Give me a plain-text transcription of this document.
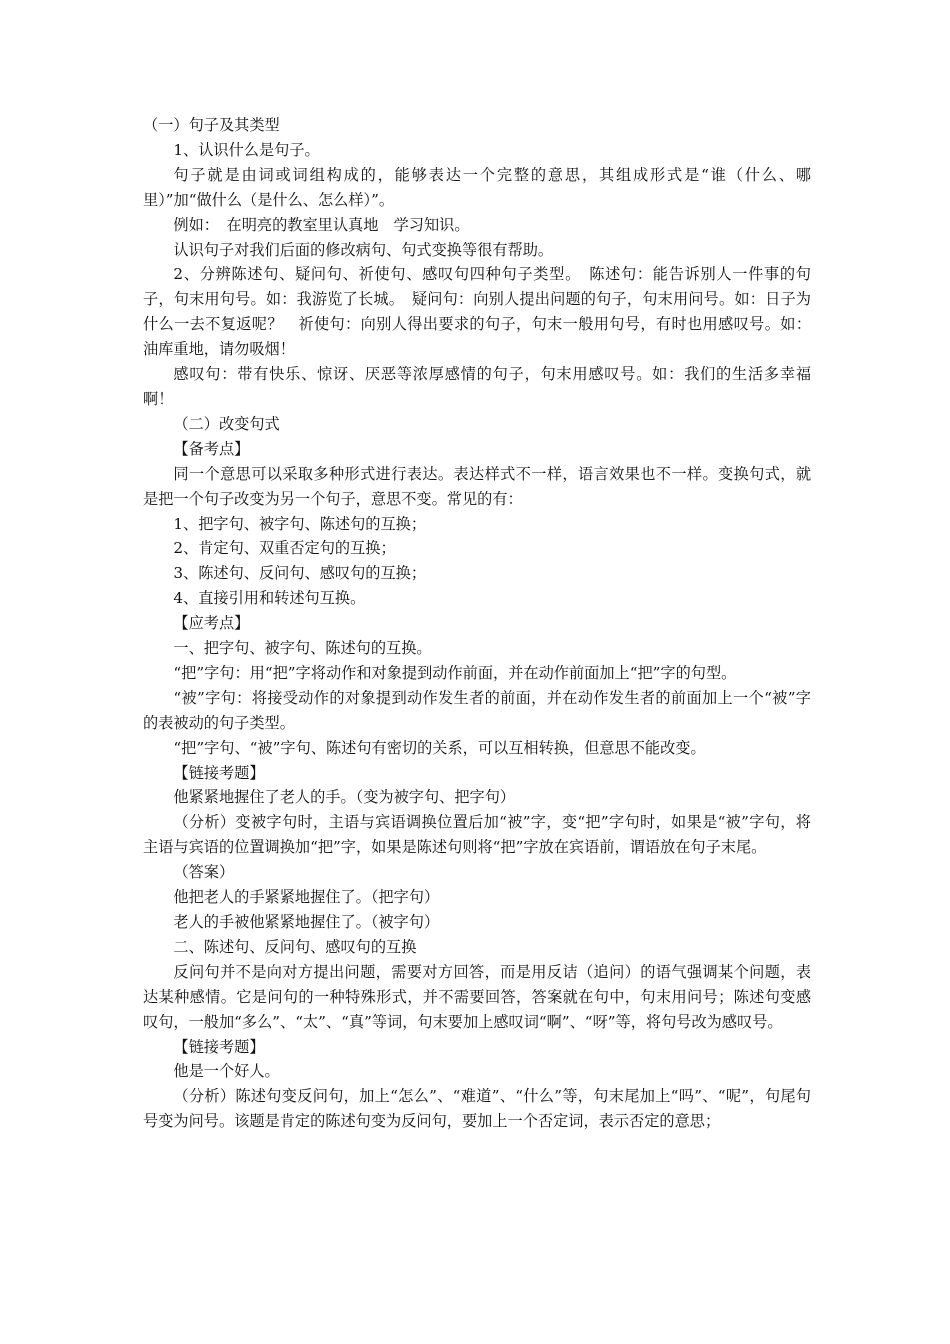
（一）句子及其类型

1、认识什么是句子。

句子就是由词或词组构成的，能够表达一个完整的意思，其组成形式是“谁（什么、哪里）”加“做什么（是什么、怎么样）”。

例如：　在明亮的教室里认真地　学习知识。

认识句子对我们后面的修改病句、句式变换等很有帮助。

2、分辨陈述句、疑问句、祈使句、感叹句四种句子类型。　陈述句：能告诉别人一件事的句子，句末用句号。如：我游览了长城。　疑问句：向别人提出问题的句子，句末用问号。如：日子为什么一去不复返呢？　祈使句：向别人得出要求的句子，句末一般用句号，有时也用感叹号。如：油库重地，请勿吸烟！

感叹句：带有快乐、惊讶、厌恶等浓厚感情的句子，句末用感叹号。如：我们的生活多幸福啊！

（二）改变句式

【备考点】

同一个意思可以采取多种形式进行表达。表达样式不一样，语言效果也不一样。变换句式，就是把一个句子改变为另一个句子，意思不变。常见的有：

1、把字句、被字句、陈述句的互换；

2、肯定句、双重否定句的互换；

3、陈述句、反问句、感叹句的互换；

4、直接引用和转述句互换。

【应考点】

一、把字句、被字句、陈述句的互换。

“把”字句：用“把”字将动作和对象提到动作前面，并在动作前面加上“把”字的句型。

“被”字句：将接受动作的对象提到动作发生者的前面，并在动作发生者的前面加上一个“被”字的表被动的句子类型。

“把”字句、“被”字句、陈述句有密切的关系，可以互相转换，但意思不能改变。

【链接考题】

他紧紧地握住了老人的手。（变为被字句、把字句）

（分析）变被字句时，主语与宾语调换位置后加“被”字，变“把”字句时，如果是“被”字句，将主语与宾语的位置调换加“把”字，如果是陈述句则将“把”字放在宾语前，谓语放在句子末尾。

（答案）

他把老人的手紧紧地握住了。（把字句）

老人的手被他紧紧地握住了。（被字句）

二、陈述句、反问句、感叹句的互换

反问句并不是向对方提出问题，需要对方回答，而是用反诘（追问）的语气强调某个问题，表达某种感情。它是问句的一种特殊形式，并不需要回答，答案就在句中，句末用问号；陈述句变感叹句，一般加“多么”、“太”、“真”等词，句末要加上感叹词“啊”、“呀”等，将句号改为感叹号。

【链接考题】

他是一个好人。

（分析）陈述句变反问句，加上“怎么”、“难道”、“什么”等，句末尾加上“吗”、“呢”，句尾句号变为问号。该题是肯定的陈述句变为反问句，要加上一个否定词，表示否定的意思；
